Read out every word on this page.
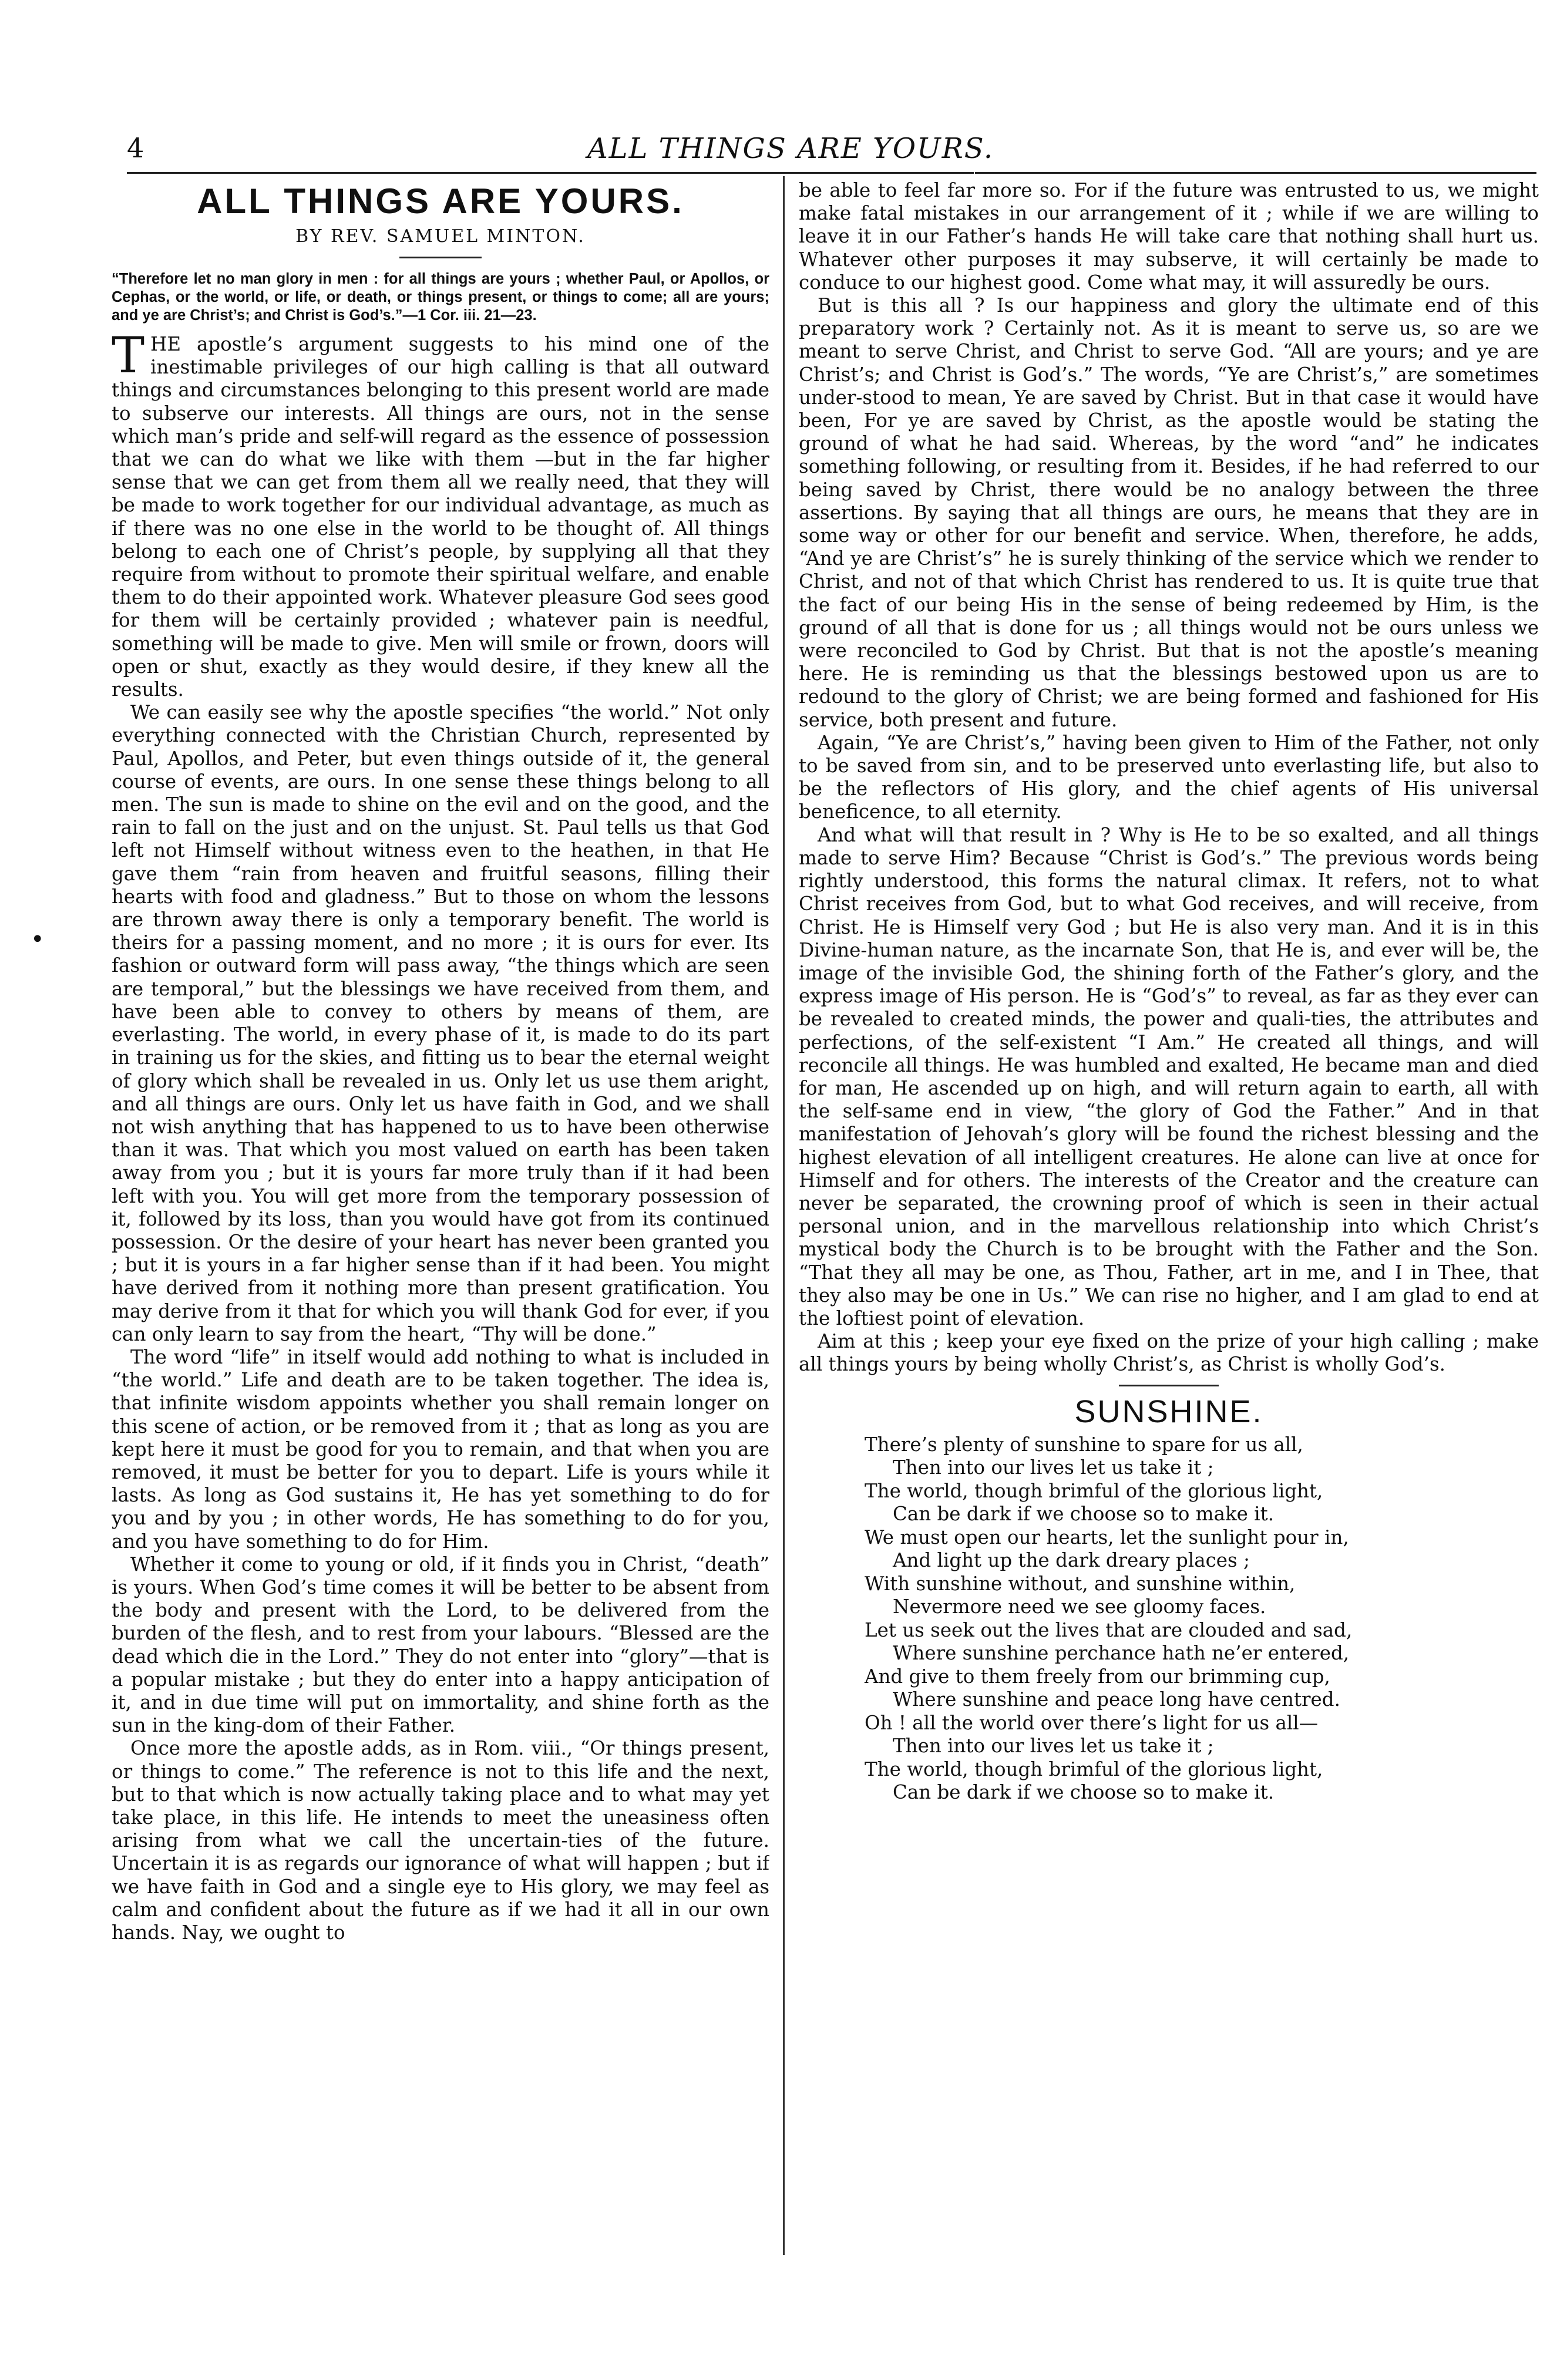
4	ALL THINGS ARE YOURS.
•
ALL THINGS ARE YOURS.
BY REV. SAMUEL MINTON.

“Therefore let no man glory in men : for all things are yours ; whether Paul, or Apollos, or Cephas, or the world, or life, or death, or things present, or things to come; all are yours; and ye are Christ’s; and Christ is God’s.”—1 Cor. iii. 21—23.

THE apostle’s argument suggests to his mind one of the inestimable privileges of our high calling is that all outward things and circumstances belonging to this present world are made to subserve our interests. All things are ours, not in the sense which man’s pride and self-will regard as the essence of possession that we can do what we like with them —but in the far higher sense that we can get from them all we really need, that they will be made to work together for our individual advantage, as much as if there was no one else in the world to be thought of. All things belong to each one of Christ’s people, by supplying all that they require from without to promote their spiritual welfare, and enable them to do their appointed work. Whatever pleasure God sees good for them will be certainly provided ; whatever pain is needful, something will be made to give. Men will smile or frown, doors will open or shut, exactly as they would desire, if they knew all the results.

We can easily see why the apostle specifies “the world.” Not only everything connected with the Christian Church, represented by Paul, Apollos, and Peter, but even things outside of it, the general course of events, are ours. In one sense these things belong to all men. The sun is made to shine on the evil and on the good, and the rain to fall on the just and on the unjust. St. Paul tells us that God left not Himself without witness even to the heathen, in that He gave them “rain from heaven and fruitful seasons, filling their hearts with food and gladness.” But to those on whom the lessons are thrown away there is only a temporary benefit. The world is theirs for a passing moment, and no more ; it is ours for ever. Its fashion or outward form will pass away, “the things which are seen are temporal,” but the blessings we have received from them, and have been able to convey to others by means of them, are everlasting. The world, in every phase of it, is made to do its part in training us for the skies, and fitting us to bear the eternal weight of glory which shall be revealed in us. Only let us use them aright, and all things are ours. Only let us have faith in God, and we shall not wish anything that has happened to us to have been otherwise than it was. That which you most valued on earth has been taken away from you ; but it is yours far more truly than if it had been left with you. You will get more from the temporary possession of it, followed by its loss, than you would have got from its continued possession. Or the desire of your heart has never been granted you ; but it is yours in a far higher sense than if it had been. You might have derived from it nothing more than present gratification. You may derive from it that for which you will thank God for ever, if you can only learn to say from the heart, “Thy will be done.”

The word “life” in itself would add nothing to what is included in “the world.” Life and death are to be taken together. The idea is, that infinite wisdom appoints whether you shall remain longer on this scene of action, or be removed from it ; that as long as you are kept here it must be good for you to remain, and that when you are removed, it must be better for you to depart. Life is yours while it lasts. As long as God sustains it, He has yet something to do for you and by you ; in other words, He has something to do for you, and you have something to do for Him.

Whether it come to young or old, if it finds you in Christ, “death” is yours. When God’s time comes it will be better to be absent from the body and present with the Lord, to be delivered from the burden of the flesh, and to rest from your labours. “Blessed are the dead which die in the Lord.” They do not enter into “glory”—that is a popular mistake ; but they do enter into a happy anticipation of it, and in due time will put on immortality, and shine forth as the sun in the king-dom of their Father.

Once more the apostle adds, as in Rom. viii., “Or things present, or things to come.” The reference is not to this life and the next, but to that which is now actually taking place and to what may yet take place, in this life. He intends to meet the uneasiness often arising from what we call the uncertain-ties of the future. Uncertain it is as regards our ignorance of what will happen ; but if we have faith in God and a single eye to His glory, we may feel as calm and confident about the future as if we had it all in our own hands. Nay, we ought to

be able to feel far more so. For if the future was entrusted to us, we might make fatal mistakes in our arrangement of it ; while if we are willing to leave it in our Father’s hands He will take care that nothing shall hurt us. Whatever other purposes it may subserve, it will certainly be made to conduce to our highest good. Come what may, it will assuredly be ours.

But is this all ? Is our happiness and glory the ultimate end of this preparatory work ? Certainly not. As it is meant to serve us, so are we meant to serve Christ, and Christ to serve God. “All are yours; and ye are Christ’s; and Christ is God’s.” The words, “Ye are Christ’s,” are sometimes under-stood to mean, Ye are saved by Christ. But in that case it would have been, For ye are saved by Christ, as the apostle would be stating the ground of what he had said. Whereas, by the word “and” he indicates something following, or resulting from it. Besides, if he had referred to our being saved by Christ, there would be no analogy between the three assertions. By saying that all things are ours, he means that they are in some way or other for our benefit and service. When, therefore, he adds, “And ye are Christ’s” he is surely thinking of the service which we render to Christ, and not of that which Christ has rendered to us. It is quite true that the fact of our being His in the sense of being redeemed by Him, is the ground of all that is done for us ; all things would not be ours unless we were reconciled to God by Christ. But that is not the apostle’s meaning here. He is reminding us that the blessings bestowed upon us are to redound to the glory of Christ; we are being formed and fashioned for His service, both present and future.

Again, “Ye are Christ’s,” having been given to Him of the Father, not only to be saved from sin, and to be preserved unto everlasting life, but also to be the reflectors of His glory, and the chief agents of His universal beneficence, to all eternity.

And what will that result in ? Why is He to be so exalted, and all things made to serve Him? Because “Christ is God’s.” The previous words being rightly understood, this forms the natural climax. It refers, not to what Christ receives from God, but to what God receives, and will receive, from Christ. He is Himself very God ; but He is also very man. And it is in this Divine-human nature, as the incarnate Son, that He is, and ever will be, the image of the invisible God, the shining forth of the Father’s glory, and the express image of His person. He is “God’s” to reveal, as far as they ever can be revealed to created minds, the power and quali-ties, the attributes and perfections, of the self-existent “I Am.” He created all things, and will reconcile all things. He was humbled and exalted, He became man and died for man, He ascended up on high, and will return again to earth, all with the self-same end in view, “the glory of God the Father.” And in that manifestation of Jehovah’s glory will be found the richest blessing and the highest elevation of all intelligent creatures. He alone can live at once for Himself and for others. The interests of the Creator and the creature can never be separated, the crowning proof of which is seen in their actual personal union, and in the marvellous relationship into which Christ’s mystical body the Church is to be brought with the Father and the Son. “That they all may be one, as Thou, Father, art in me, and I in Thee, that they also may be one in Us.” We can rise no higher, and I am glad to end at the loftiest point of elevation.

Aim at this ; keep your eye fixed on the prize of your high calling ; make all things yours by being wholly Christ’s, as Christ is wholly God’s.

SUNSHINE.
There’s plenty of sunshine to spare for us all,
Then into our lives let us take it ;
The world, though brimful of the glorious light,
Can be dark if we choose so to make it.
We must open our hearts, let the sunlight pour in,
And light up the dark dreary places ;
With sunshine without, and sunshine within,
Nevermore need we see gloomy faces.
Let us seek out the lives that are clouded and sad,
Where sunshine perchance hath ne’er entered,
And give to them freely from our brimming cup,
Where sunshine and peace long have centred.
Oh ! all the world over there’s light for us all—
Then into our lives let us take it ;
The world, though brimful of the glorious light,
Can be dark if we choose so to make it.
